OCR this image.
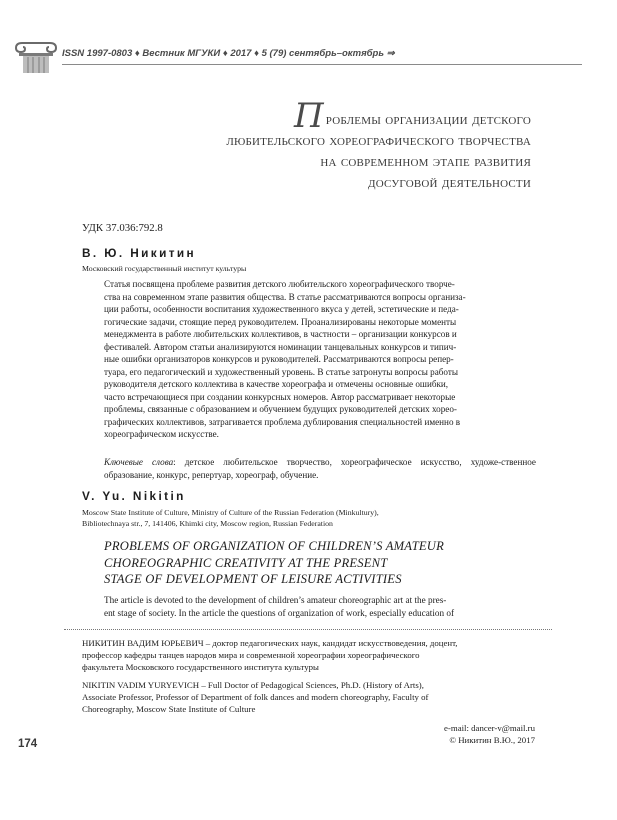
ISSN 1997-0803 ♦ Вестник МГУКИ ♦ 2017 ♦ 5 (79) сентябрь–октябрь ⇒
Проблемы организации детского
любительского хореографического творчества
на современном этапе развития
досуговой деятельности
УДК 37.036:792.8
В. Ю. Никитин
Московский государственный институт культуры
Статья посвящена проблеме развития детского любительского хореографического творче-
ства на современном этапе развития общества. В статье рассматриваются вопросы организа-
ции работы, особенности воспитания художественного вкуса у детей, эстетические и педа-
гогические задачи, стоящие перед руководителем. Проанализированы некоторые моменты
менеджмента в работе любительских коллективов, в частности – организации конкурсов и
фестивалей. Автором статьи анализируются номинации танцевальных конкурсов и типич-
ные ошибки организаторов конкурсов и руководителей. Рассматриваются вопросы репер-
туара, его педагогический и художественный уровень. В статье затронуты вопросы работы
руководителя детского коллектива в качестве хореографа и отмечены основные ошибки,
часто встречающиеся при создании конкурсных номеров. Автор рассматривает некоторые
проблемы, связанные с образованием и обучением будущих руководителей детских хорео-
графических коллективов, затрагивается проблема дублирования специальностей именно в
хореографическом искусстве.
Ключевые слова: детское любительское творчество, хореографическое искусство, художе-ственное образование, конкурс, репертуар, хореограф, обучение.
V. Yu. Nikitin
Moscow State Institute of Culture, Ministry of Culture of the Russian Federation (Minkultury),
Bibliotechnaya str., 7, 141406, Khimki city, Moscow region, Russian Federation
PROBLEMS OF ORGANIZATION OF CHILDREN’S AMATEUR
CHOREOGRAPHIC CREATIVITY AT THE PRESENT
STAGE OF DEVELOPMENT OF LEISURE ACTIVITIES
The article is devoted to the development of children’s amateur choreographic art at the pres-
ent stage of society. In the article the questions of organization of work, especially education of
НИКИТИН ВАДИМ ЮРЬЕВИЧ – доктор педагогических наук, кандидат искусствоведения, доцент,
профессор кафедры танцев народов мира и современной хореографии хореографического
факультета Московского государственного института культуры
NIKITIN VADIM YURYEVICH – Full Doctor of Pedagogical Sciences, Ph.D. (History of Arts),
Associate Professor, Professor of Department of folk dances and modern choreography, Faculty of
Choreography, Moscow State Institute of Culture
e-mail: dancer-v@mail.ru
© Никитин В.Ю., 2017
174
